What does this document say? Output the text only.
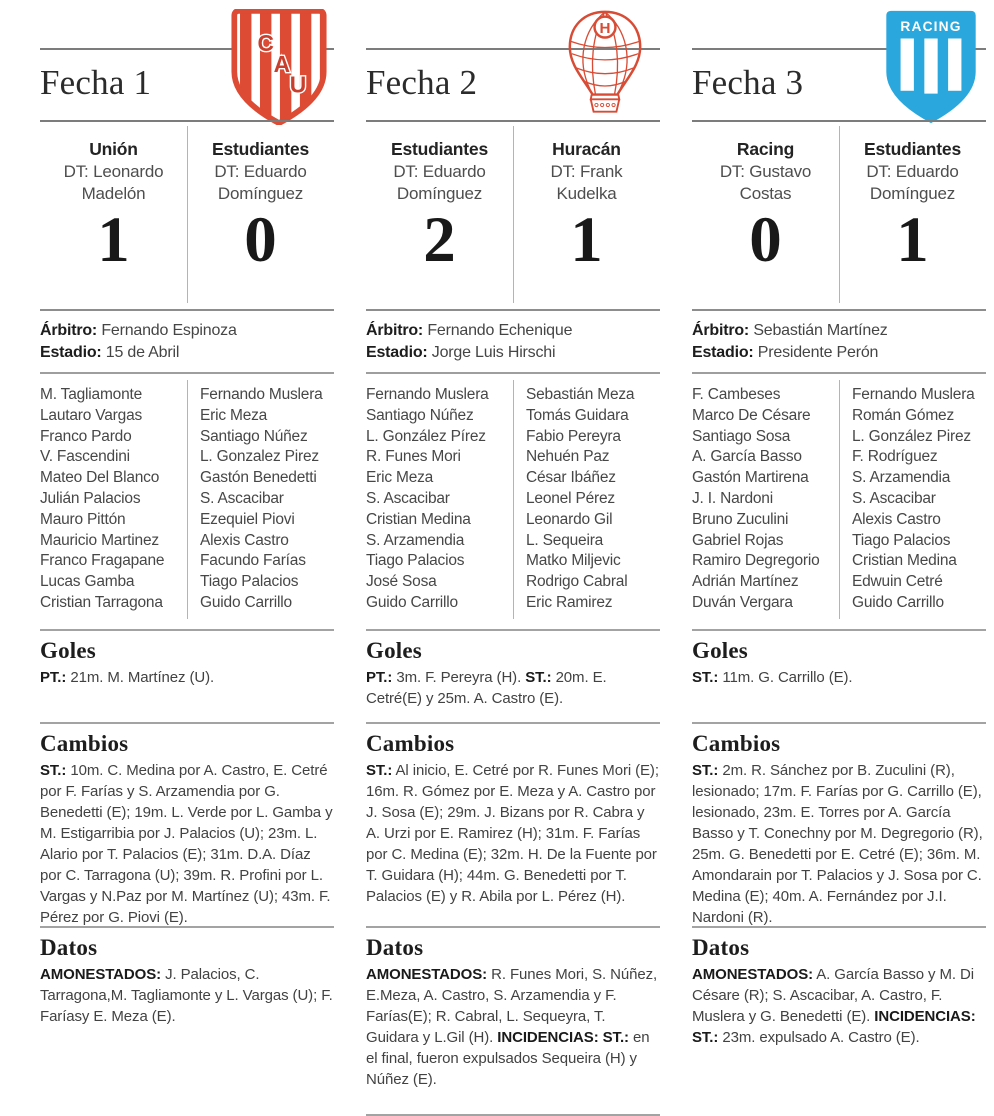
Fecha 1
C
A
U
Unión
DT: Leonardo Madelón
1
Estudiantes
DT: Eduardo Domínguez
0
Árbitro: Fernando Espinoza
Estadio: 15 de Abril
M. Tagliamonte
Lautaro Vargas
Franco Pardo
V. Fascendini
Mateo Del Blanco
Julián Palacios
Mauro Pittón
Mauricio Martinez
Franco Fragapane
Lucas Gamba
Cristian Tarragona
Fernando Muslera
Eric Meza
Santiago Núñez
L. Gonzalez Pirez
Gastón Benedetti
S. Ascacibar
Ezequiel Piovi
Alexis Castro
Facundo Farías
Tiago Palacios
Guido Carrillo
Goles

PT.: 21m. M. Martínez (U).

Cambios

ST.: 10m. C. Medina por A. Castro, E. Cetré por F. Farías y S. Arzamendia por G. Benedetti (E); 19m. L. Verde por L. Gamba y M. Estigarribia por J. Palacios (U); 23m. L. Alario por T. Palacios (E); 31m. D.A. Díaz por C. Tarragona (U); 39m. R. Profini por L. Vargas y N.Paz por M. Martínez (U); 43m. F. Pérez por G. Piovi (E).

Datos

AMONESTADOS: J. Palacios, C. Tarragona,M. Tagliamonte y L. Vargas (U); F. Faríasy E. Meza (E).

Fecha 2
H
Estudiantes
DT: Eduardo Domínguez
2
Huracán
DT: Frank Kudelka
1
Árbitro: Fernando Echenique
Estadio: Jorge Luis Hirschi
Fernando Muslera
Santiago Núñez
L. González Pírez
R. Funes Mori
Eric Meza
S. Ascacibar
Cristian Medina
S. Arzamendia
Tiago Palacios
José Sosa
Guido Carrillo
Sebastián Meza
Tomás Guidara
Fabio Pereyra
Nehuén Paz
César Ibáñez
Leonel Pérez
Leonardo Gil
L. Sequeira
Matko Miljevic
Rodrigo Cabral
Eric Ramirez
Goles

PT.: 3m. F. Pereyra (H). ST.: 20m. E. Cetré(E) y 25m. A. Castro (E).

Cambios

ST.: Al inicio, E. Cetré por R. Funes Mori (E); 16m. R. Gómez por E. Meza y A. Castro por J. Sosa (E); 29m. J. Bizans por R. Cabra y A. Urzi por E. Ramirez (H); 31m. F. Farías por C. Medina (E); 32m. H. De la Fuente por T. Guidara (H); 44m. G. Benedetti por T. Palacios (E) y R. Abila por L. Pérez (H).

Datos

AMONESTADOS: R. Funes Mori, S. Núñez, E.Meza, A. Castro, S. Arzamendia y F. Farías(E); R. Cabral, L. Sequeyra, T. Guidara y L.Gil (H). INCIDENCIAS: ST.: en el final, fueron expulsados Sequeira (H) y Núñez (E).

Fecha 3
RACING
Racing
DT: Gustavo Costas
0
Estudiantes
DT: Eduardo Domínguez
1
Árbitro: Sebastián Martínez
Estadio: Presidente Perón
F. Cambeses
Marco De Césare
Santiago Sosa
A. García Basso
Gastón Martirena
J. I. Nardoni
Bruno Zuculini
Gabriel Rojas
Ramiro Degregorio
Adrián Martínez
Duván Vergara
Fernando Muslera
Román Gómez
L. González Pirez
F. Rodríguez
S. Arzamendia
S. Ascacibar
Alexis Castro
Tiago Palacios
Cristian Medina
Edwuin Cetré
Guido Carrillo
Goles

ST.: 11m. G. Carrillo (E).

Cambios

ST.: 2m. R. Sánchez por B. Zuculini (R), lesionado; 17m. F. Farías por G. Carrillo (E), lesionado, 23m. E. Torres por A. García Basso y T. Conechny por M. Degregorio (R), 25m. G. Benedetti por E. Cetré (E); 36m. M. Amondarain por T. Palacios y J. Sosa por C. Medina (E); 40m. A. Fernández por J.I. Nardoni (R).

Datos

AMONESTADOS: A. García Basso y M. Di Césare (R); S. Ascacibar, A. Castro, F. Muslera y G. Benedetti (E). INCIDENCIAS: ST.: 23m. expulsado A. Castro (E).
